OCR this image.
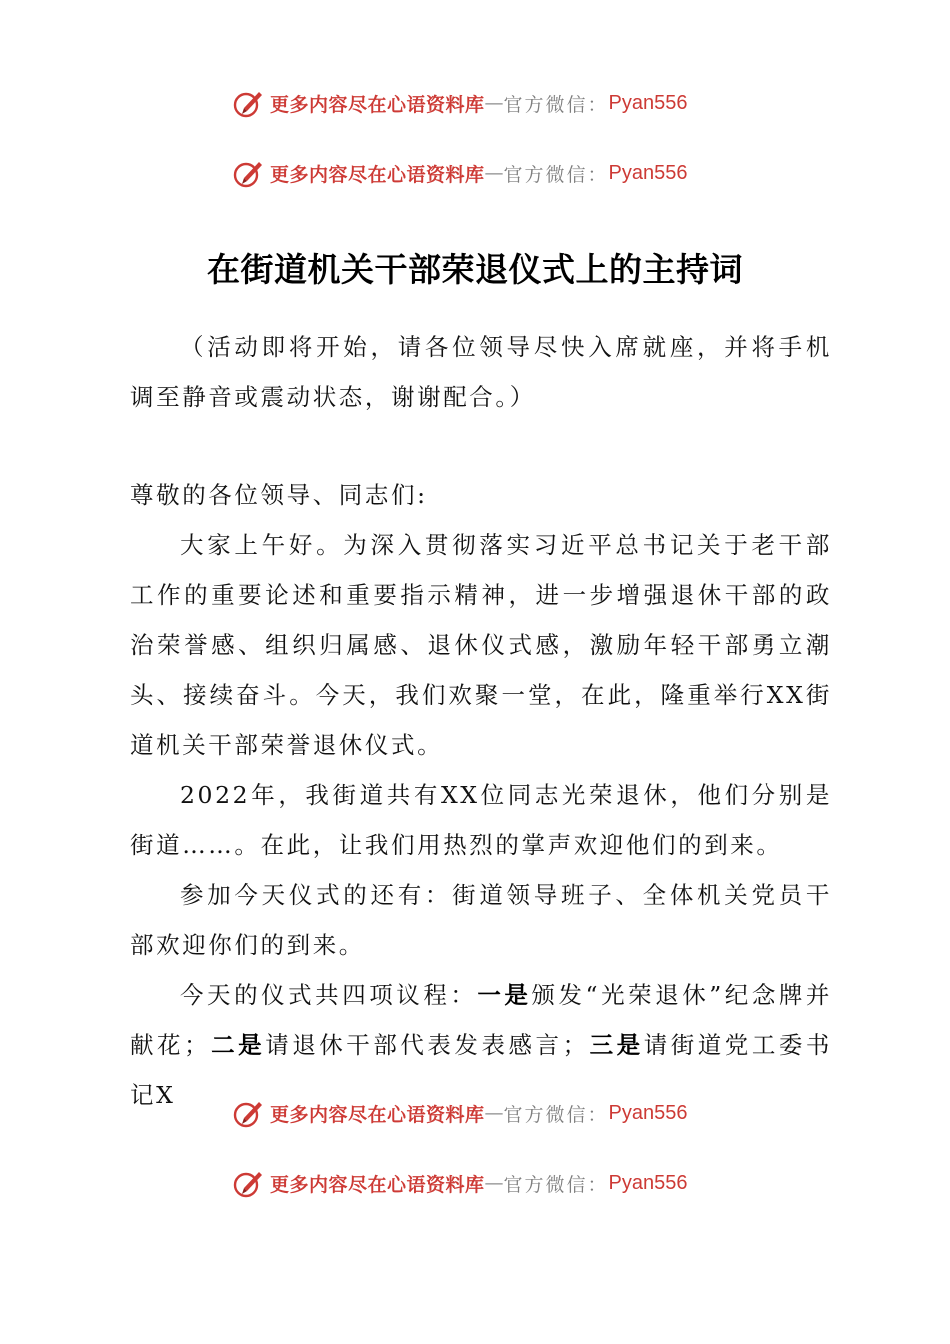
更多内容尽在心语资料库 — 官方微信： Pyan556
更多内容尽在心语资料库 — 官方微信： Pyan556
在街道机关干部荣退仪式上的主持词

（活动即将开始，请各位领导尽快入席就座，并将手机调至静音或震动状态，谢谢配合。）

尊敬的各位领导、同志们:

大家上午好。为深入贯彻落实习近平总书记关于老干部工作的重要论述和重要指示精神，进一步增强退休干部的政治荣誉感、组织归属感、退休仪式感，激励年轻干部勇立潮头、接续奋斗。今天，我们欢聚一堂，在此，隆重举行XX街道机关干部荣誉退休仪式。

2022年，我街道共有XX位同志光荣退休，他们分别是街道……。在此，让我们用热烈的掌声欢迎他们的到来。

参加今天仪式的还有：街道领导班子、全体机关党员干部欢迎你们的到来。

今天的仪式共四项议程：一是颁发“光荣退休”纪念牌并献花；二是请退休干部代表发表感言；三是请街道党工委书记X

更多内容尽在心语资料库 — 官方微信： Pyan556
更多内容尽在心语资料库 — 官方微信： Pyan556
